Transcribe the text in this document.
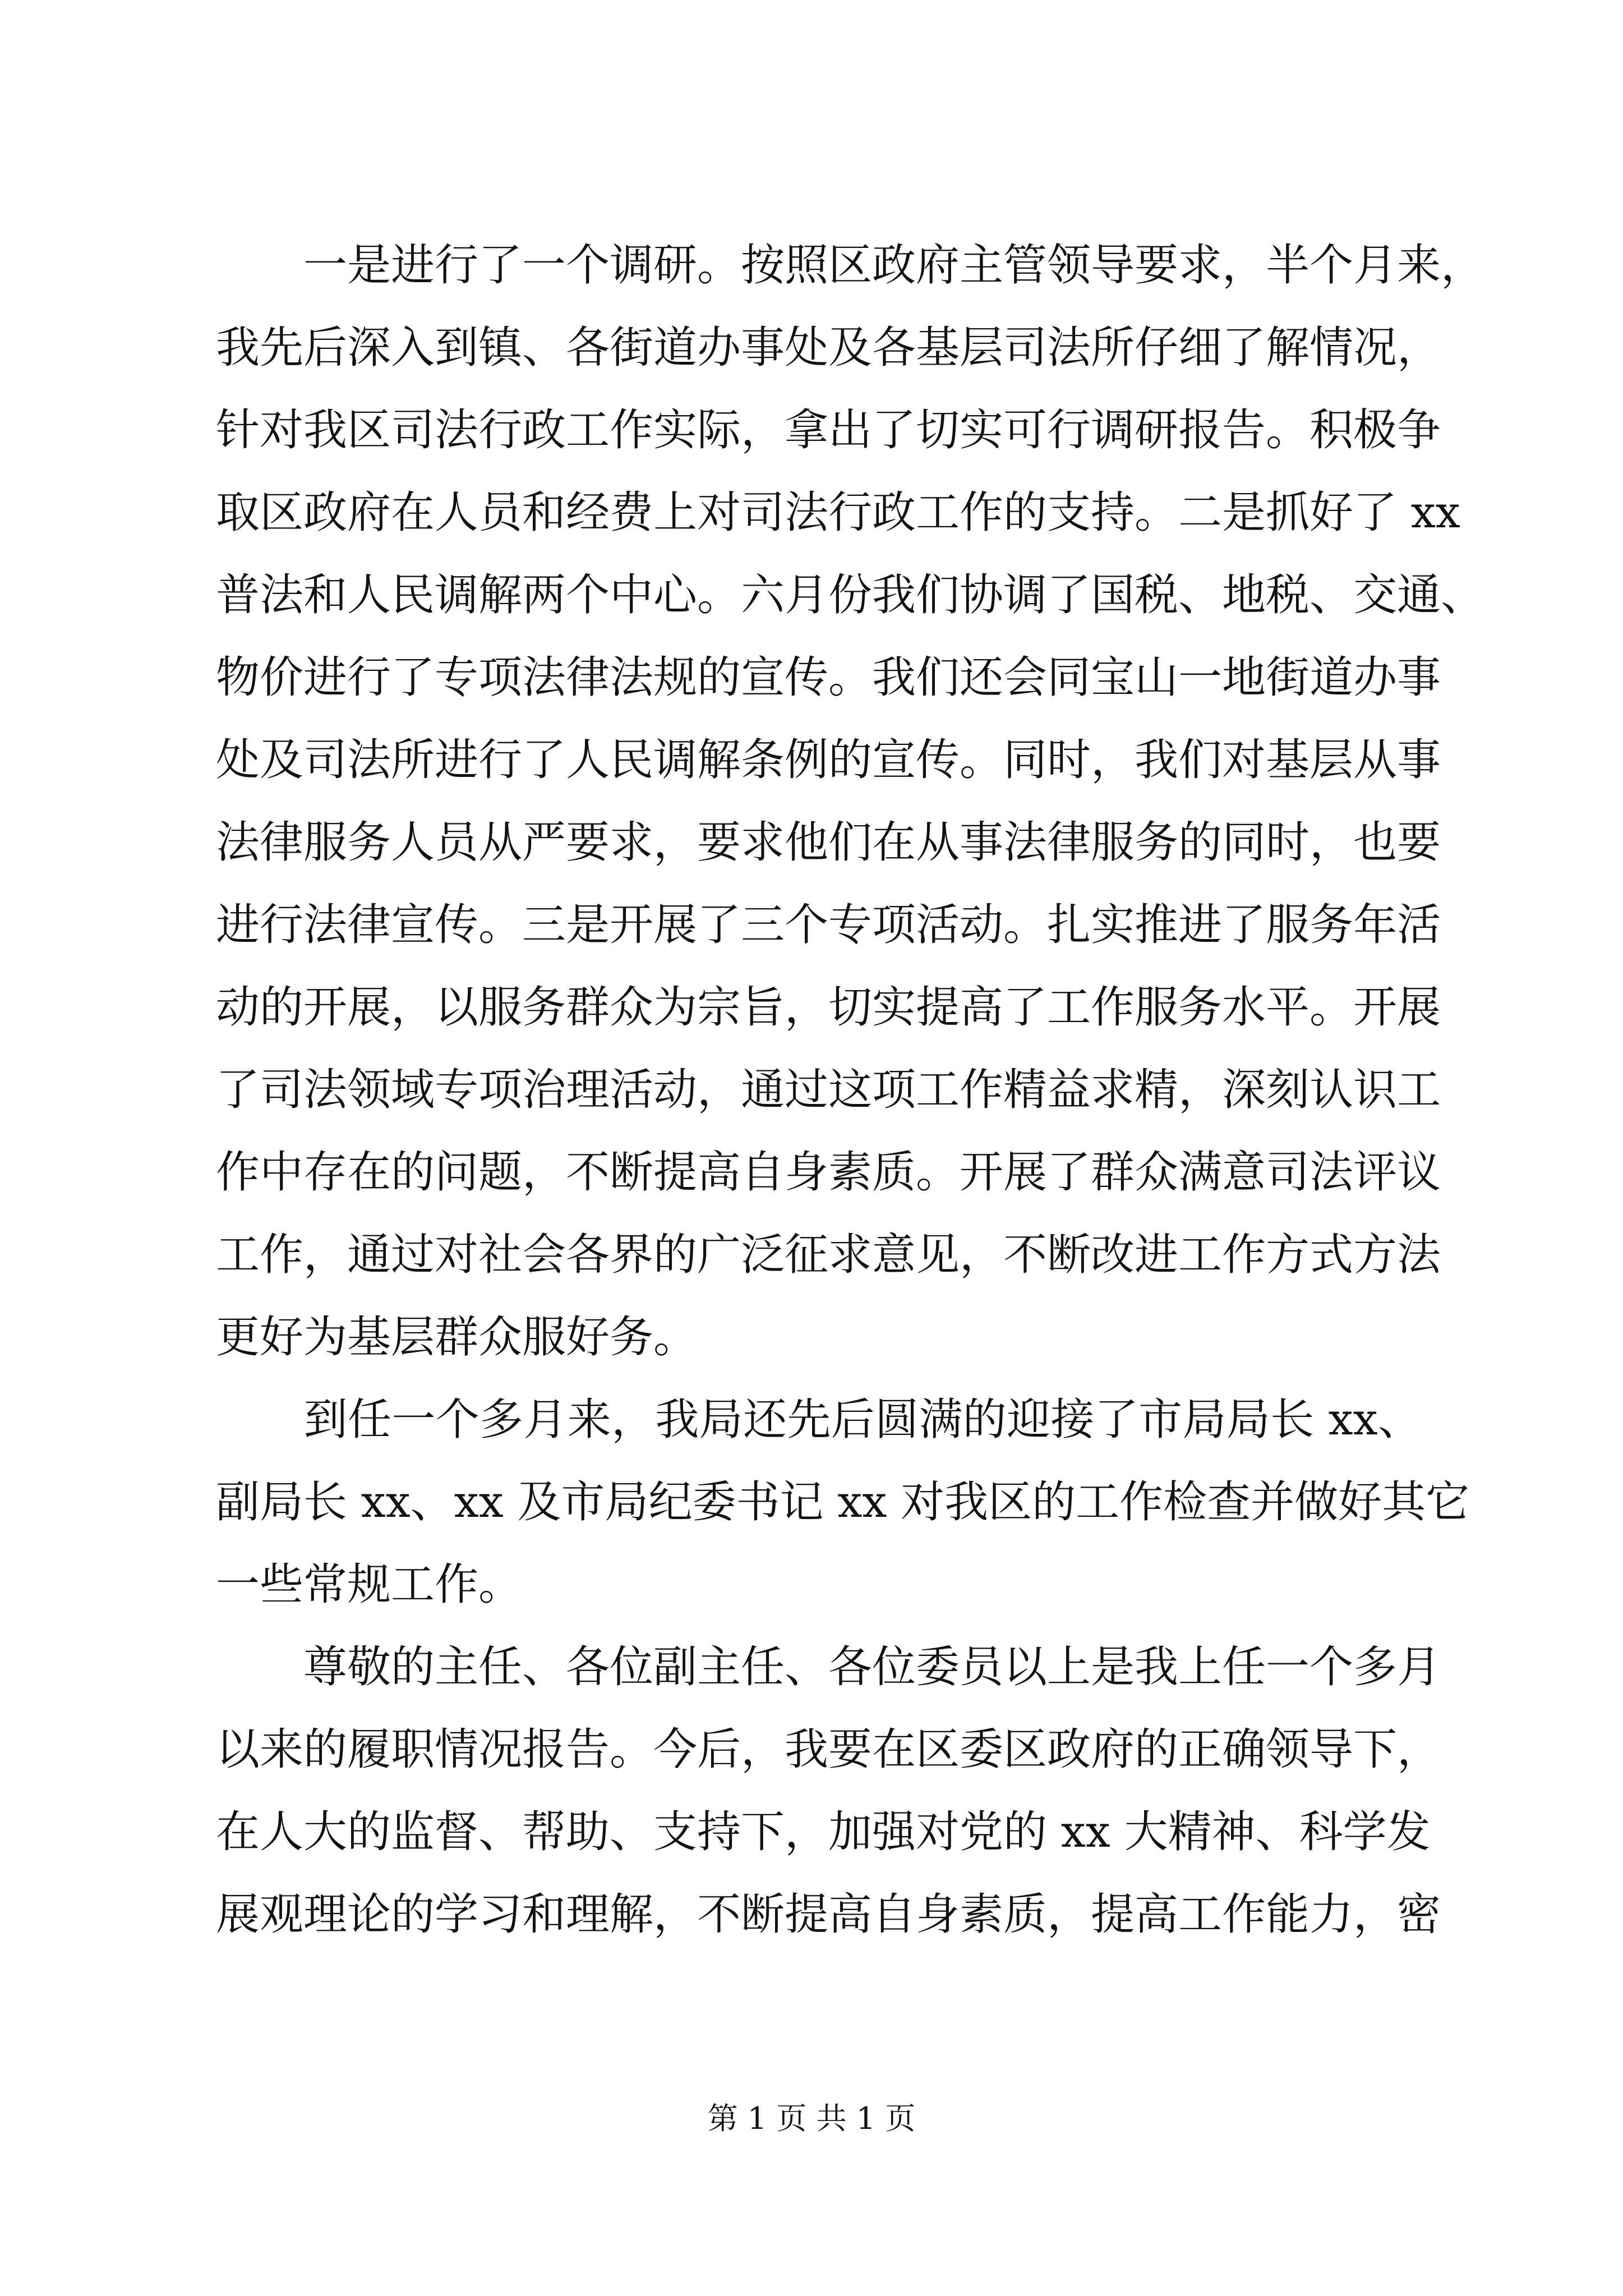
　　一是进行了一个调研。按照区政府主管领导要求，半个月来，
我先后深入到镇、各街道办事处及各基层司法所仔细了解情况，
针对我区司法行政工作实际，拿出了切实可行调研报告。积极争
取区政府在人员和经费上对司法行政工作的支持。二是抓好了 xx
普法和人民调解两个中心。六月份我们协调了国税、地税、交通、
物价进行了专项法律法规的宣传。我们还会同宝山一地街道办事
处及司法所进行了人民调解条例的宣传。同时，我们对基层从事
法律服务人员从严要求，要求他们在从事法律服务的同时，也要
进行法律宣传。三是开展了三个专项活动。扎实推进了服务年活
动的开展，以服务群众为宗旨，切实提高了工作服务水平。开展
了司法领域专项治理活动，通过这项工作精益求精，深刻认识工
作中存在的问题，不断提高自身素质。开展了群众满意司法评议
工作，通过对社会各界的广泛征求意见，不断改进工作方式方法
更好为基层群众服好务。

　　到任一个多月来，我局还先后圆满的迎接了市局局长 xx、
副局长 xx、xx 及市局纪委书记 xx 对我区的工作检查并做好其它
一些常规工作。

　　尊敬的主任、各位副主任、各位委员以上是我上任一个多月
以来的履职情况报告。今后，我要在区委区政府的正确领导下，
在人大的监督、帮助、支持下，加强对党的 xx 大精神、科学发
展观理论的学习和理解，不断提高自身素质，提高工作能力，密

第 1 页 共 1 页
